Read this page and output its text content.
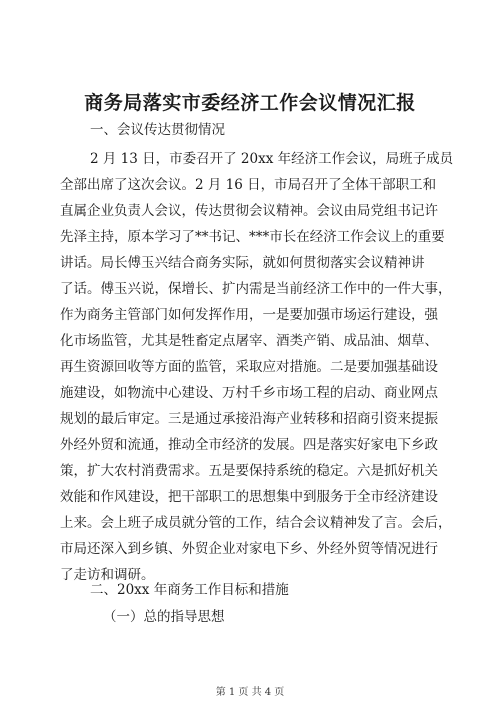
商务局落实市委经济工作会议情况汇报
一、会议传达贯彻情况
2 月 13 日，市委召开了 20xx 年经济工作会议，局班子成员
全部出席了这次会议。2 月 16 日，市局召开了全体干部职工和
直属企业负责人会议，传达贯彻会议精神。会议由局党组书记许
先泽主持，原本学习了**书记、***市长在经济工作会议上的重要
讲话。局长傅玉兴结合商务实际，就如何贯彻落实会议精神讲
了话。傅玉兴说，保增长、扩内需是当前经济工作中的一件大事，
作为商务主管部门如何发挥作用，一是要加强市场运行建设，强
化市场监管，尤其是牲畜定点屠宰、酒类产销、成品油、烟草、
再生资源回收等方面的监管，采取应对措施。二是要加强基础设
施建设，如物流中心建设、万村千乡市场工程的启动、商业网点
规划的最后审定。三是通过承接沿海产业转移和招商引资来提振
外经外贸和流通，推动全市经济的发展。四是落实好家电下乡政
策，扩大农村消费需求。五是要保持系统的稳定。六是抓好机关
效能和作风建设，把干部职工的思想集中到服务于全市经济建设
上来。会上班子成员就分管的工作，结合会议精神发了言。会后，
市局还深入到乡镇、外贸企业对家电下乡、外经外贸等情况进行
了走访和调研。
二、20xx 年商务工作目标和措施
（一）总的指导思想
第 1 页 共 4 页
